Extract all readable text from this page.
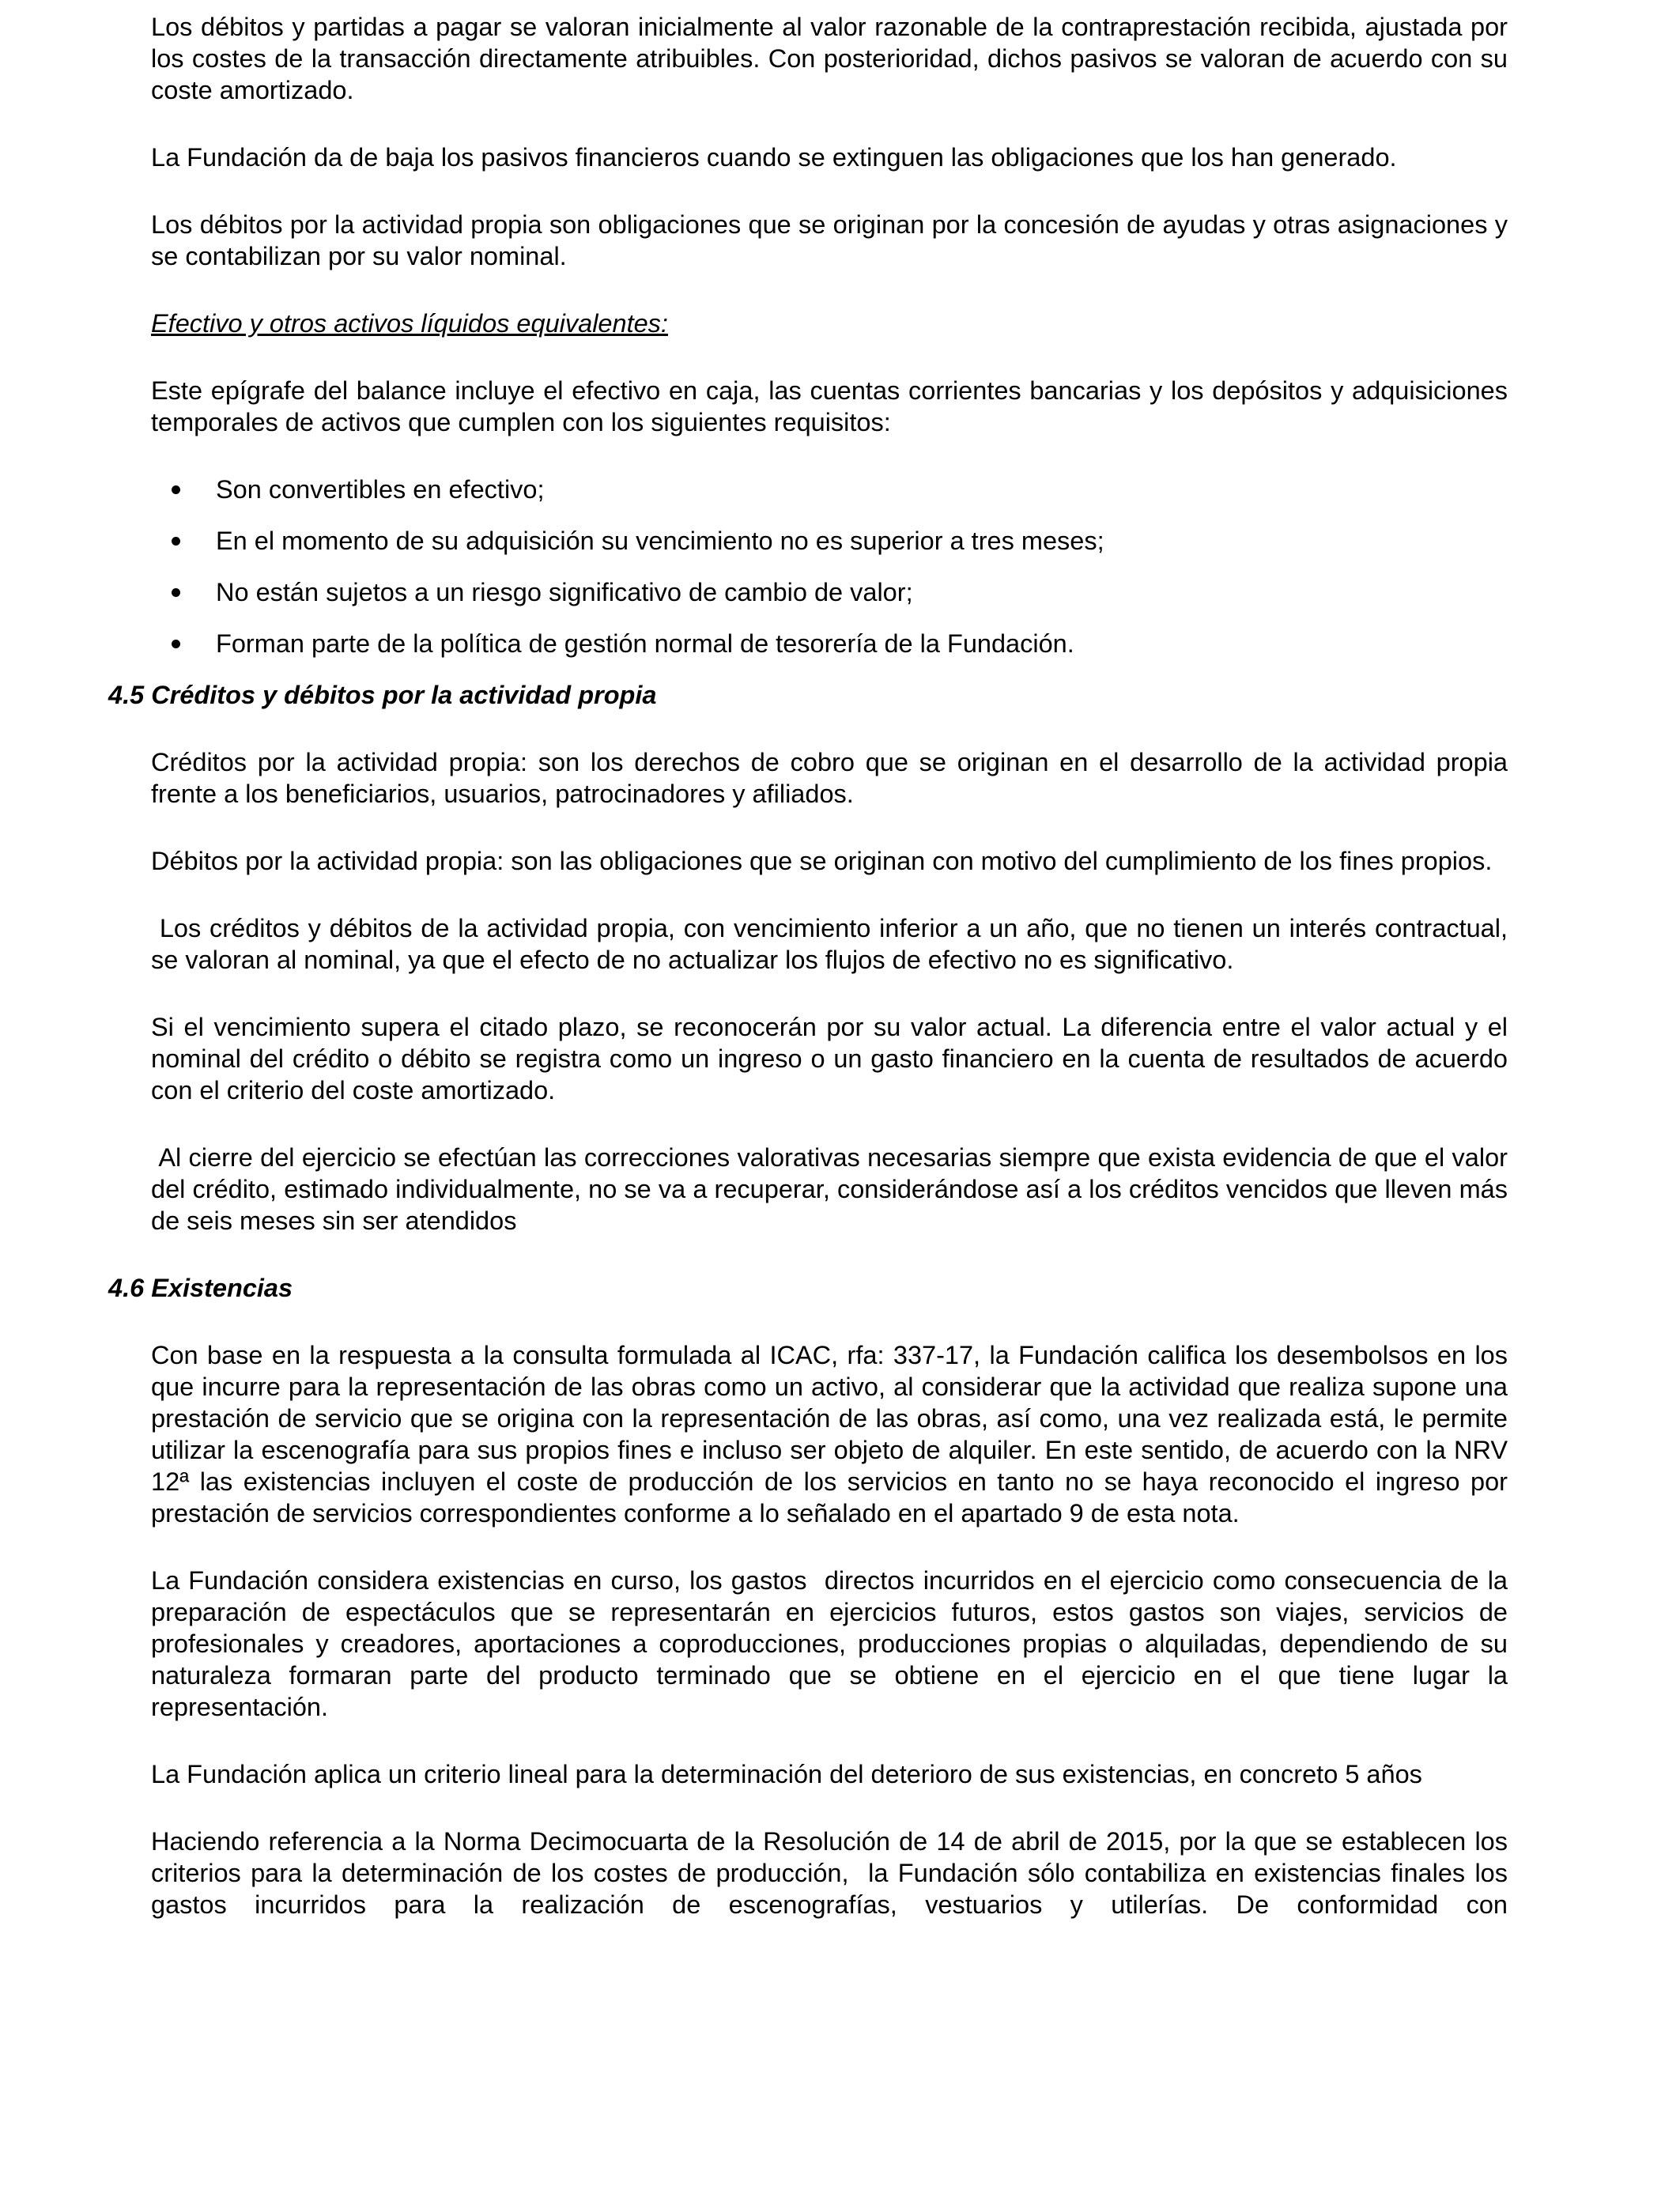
Los débitos y partidas a pagar se valoran inicialmente al valor razonable de la contraprestación recibida, ajustada por los costes de la transacción directamente atribuibles. Con posterioridad, dichos pasivos se valoran de acuerdo con su coste amortizado.

La Fundación da de baja los pasivos financieros cuando se extinguen las obligaciones que los han generado.

Los débitos por la actividad propia son obligaciones que se originan por la concesión de ayudas y otras asignaciones y se contabilizan por su valor nominal.

Efectivo y otros activos líquidos equivalentes:

Este epígrafe del balance incluye el efectivo en caja, las cuentas corrientes bancarias y los depósitos y adquisiciones temporales de activos que cumplen con los siguientes requisitos:

Son convertibles en efectivo;
En el momento de su adquisición su vencimiento no es superior a tres meses;
No están sujetos a un riesgo significativo de cambio de valor;
Forman parte de la política de gestión normal de tesorería de la Fundación.

4.5 Créditos y débitos por la actividad propia

Créditos por la actividad propia: son los derechos de cobro que se originan en el desarrollo de la actividad propia frente a los beneficiarios, usuarios, patrocinadores y afiliados.

Débitos por la actividad propia: son las obligaciones que se originan con motivo del cumplimiento de los fines propios.

Los créditos y débitos de la actividad propia, con vencimiento inferior a un año, que no tienen un interés contractual, se valoran al nominal, ya que el efecto de no actualizar los flujos de efectivo no es significativo.

Si el vencimiento supera el citado plazo, se reconocerán por su valor actual. La diferencia entre el valor actual y el nominal del crédito o débito se registra como un ingreso o un gasto financiero en la cuenta de resultados de acuerdo con el criterio del coste amortizado.

Al cierre del ejercicio se efectúan las correcciones valorativas necesarias siempre que exista evidencia de que el valor del crédito, estimado individualmente, no se va a recuperar, considerándose así a los créditos vencidos que lleven más de seis meses sin ser atendidos

4.6 Existencias

Con base en la respuesta a la consulta formulada al ICAC, rfa: 337-17, la Fundación califica los desembolsos en los que incurre para la representación de las obras como un activo, al considerar que la actividad que realiza supone una prestación de servicio que se origina con la representación de las obras, así como, una vez realizada está, le permite utilizar la escenografía para sus propios fines e incluso ser objeto de alquiler. En este sentido, de acuerdo con la NRV 12ª las existencias incluyen el coste de producción de los servicios en tanto no se haya reconocido el ingreso por prestación de servicios correspondientes conforme a lo señalado en el apartado 9 de esta nota.

La Fundación considera existencias en curso, los gastos  directos incurridos en el ejercicio como consecuencia de la preparación de espectáculos que se representarán en ejercicios futuros, estos gastos son viajes, servicios de profesionales y creadores, aportaciones a coproducciones, producciones propias o alquiladas, dependiendo de su naturaleza formaran parte del producto terminado que se obtiene en el ejercicio en el que tiene lugar la representación.

La Fundación aplica un criterio lineal para la determinación del deterioro de sus existencias, en concreto 5 años

Haciendo referencia a la Norma Decimocuarta de la Resolución de 14 de abril de 2015, por la que se establecen los criterios para la determinación de los costes de producción,  la Fundación sólo contabiliza en existencias finales los gastos incurridos para la realización de escenografías, vestuarios y utilerías. De conformidad con
